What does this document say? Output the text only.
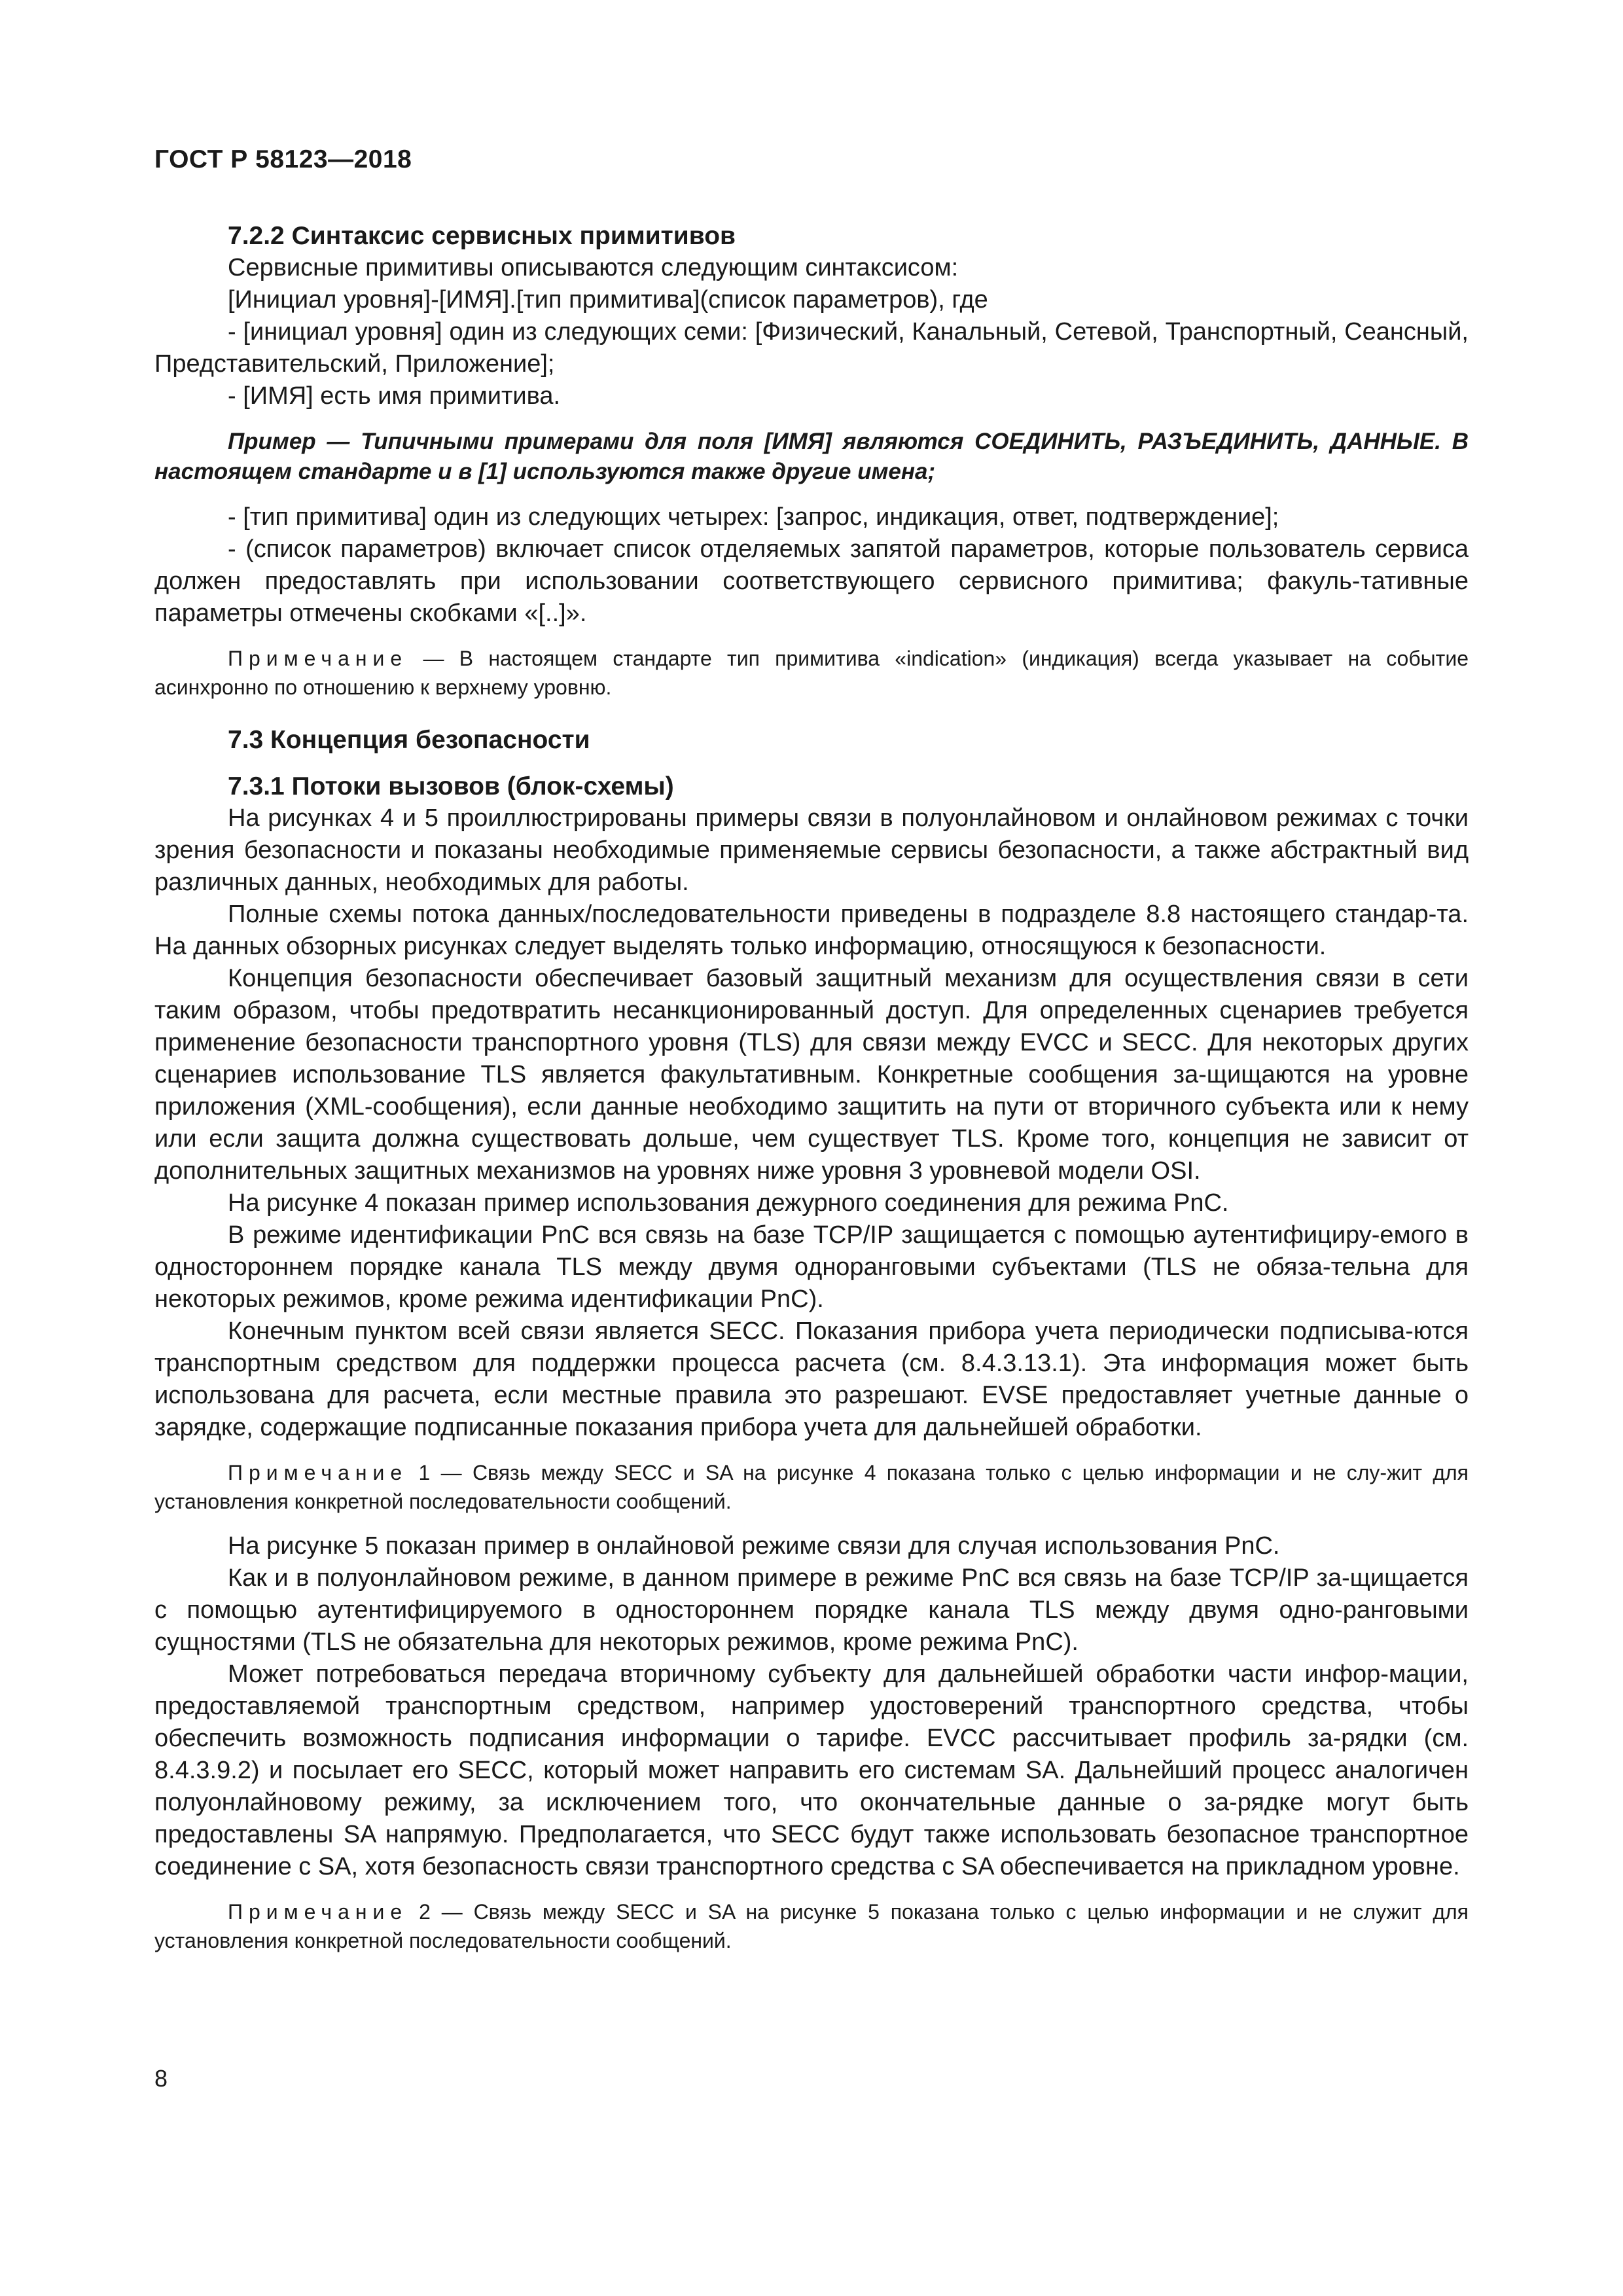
ГОСТ Р 58123—2018

7.2.2 Синтаксис сервисных примитивов

Сервисные примитивы описываются следующим синтаксисом:

[Инициал уровня]-[ИМЯ].[тип примитива](список параметров), где

- [инициал уровня] один из следующих семи: [Физический, Канальный, Сетевой, Транспортный, Сеансный, Представительский, Приложение];

- [ИМЯ] есть имя примитива.

Пример — Типичными примерами для поля [ИМЯ] являются СОЕДИНИТЬ, РАЗЪЕДИНИТЬ, ДАННЫЕ. В настоящем стандарте и в [1] используются также другие имена;

- [тип примитива] один из следующих четырех: [запрос, индикация, ответ, подтверждение];

- (список параметров) включает список отделяемых запятой параметров, которые пользователь сервиса должен предоставлять при использовании соответствующего сервисного примитива; факуль-тативные параметры отмечены скобками «[..]».

Примечание — В настоящем стандарте тип примитива «indication» (индикация) всегда указывает на событие асинхронно по отношению к верхнему уровню.

7.3 Концепция безопасности

7.3.1 Потоки вызовов (блок-схемы)

На рисунках 4 и 5 проиллюстрированы примеры связи в полуонлайновом и онлайновом режимах с точки зрения безопасности и показаны необходимые применяемые сервисы безопасности, а также абстрактный вид различных данных, необходимых для работы.

Полные схемы потока данных/последовательности приведены в подразделе 8.8 настоящего стандар-та. На данных обзорных рисунках следует выделять только информацию, относящуюся к безопасности.

Концепция безопасности обеспечивает базовый защитный механизм для осуществления связи в сети таким образом, чтобы предотвратить несанкционированный доступ. Для определенных сценариев требуется применение безопасности транспортного уровня (TLS) для связи между EVCC и SECC. Для некоторых других сценариев использование TLS является факультативным. Конкретные сообщения за-щищаются на уровне приложения (XML-сообщения), если данные необходимо защитить на пути от вторичного субъекта или к нему или если защита должна существовать дольше, чем существует TLS. Кроме того, концепция не зависит от дополнительных защитных механизмов на уровнях ниже уровня 3 уровневой модели OSI.

На рисунке 4 показан пример использования дежурного соединения для режима PnC.

В режиме идентификации PnC вся связь на базе TCP/IP защищается с помощью аутентифициру-емого в одностороннем порядке канала TLS между двумя одноранговыми субъектами (TLS не обяза-тельна для некоторых режимов, кроме режима идентификации PnC).

Конечным пунктом всей связи является SECC. Показания прибора учета периодически подписыва-ются транспортным средством для поддержки процесса расчета (см. 8.4.3.13.1). Эта информация может быть использована для расчета, если местные правила это разрешают. EVSE предоставляет учетные данные о зарядке, содержащие подписанные показания прибора учета для дальнейшей обработки.

Примечание 1 — Связь между SECC и SA на рисунке 4 показана только с целью информации и не слу-жит для установления конкретной последовательности сообщений.

На рисунке 5 показан пример в онлайновой режиме связи для случая использования PnC.

Как и в полуонлайновом режиме, в данном примере в режиме PnC вся связь на базе TCP/IP за-щищается с помощью аутентифицируемого в одностороннем порядке канала TLS между двумя одно-ранговыми сущностями (TLS не обязательна для некоторых режимов, кроме режима PnC).

Может потребоваться передача вторичному субъекту для дальнейшей обработки части инфор-мации, предоставляемой транспортным средством, например удостоверений транспортного средства, чтобы обеспечить возможность подписания информации о тарифе. EVCC рассчитывает профиль за-рядки (см. 8.4.3.9.2) и посылает его SECC, который может направить его системам SA. Дальнейший процесс аналогичен полуонлайновому режиму, за исключением того, что окончательные данные о за-рядке могут быть предоставлены SA напрямую. Предполагается, что SECC будут также использовать безопасное транспортное соединение с SA, хотя безопасность связи транспортного средства с SA обеспечивается на прикладном уровне.

Примечание 2 — Связь между SECC и SA на рисунке 5 показана только с целью информации и не служит для установления конкретной последовательности сообщений.

8
